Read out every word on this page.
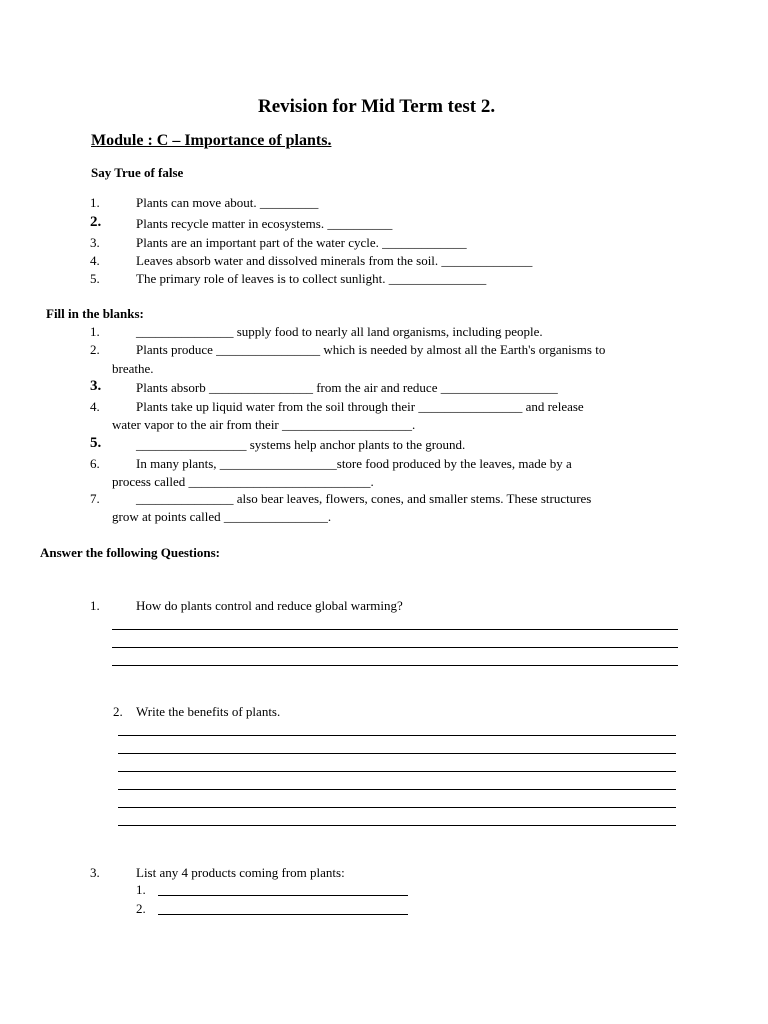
Revision for Mid Term test 2.
Module : C – Importance of plants.
Say True of false
1.	Plants can move about. _________
2.	Plants recycle matter in ecosystems. __________
3.	Plants are an important part of the water cycle. _____________
4.	Leaves absorb water and dissolved minerals from the soil. ______________
5.	The primary role of leaves is to collect sunlight. _______________
Fill in the blanks:
1.	_______________ supply food to nearly all land organisms, including people.
2.	Plants produce ________________ which is needed by almost all the Earth's organisms to
breathe.
3.	Plants absorb ________________ from the air and reduce __________________
4.	Plants take up liquid water from the soil through their ________________ and release
water vapor to the air from their ____________________.
5.	_________________ systems help anchor plants to the ground.
6.	In many plants, __________________store food produced by the leaves, made by a
process called ____________________________.
7.	_______________ also bear leaves, flowers, cones, and smaller stems. These structures
grow at points called ________________.
Answer the following Questions:
1.	How do plants control and reduce global warming?
2. Write the benefits of plants.
3.	List any 4 products coming from plants:
1.
2.
